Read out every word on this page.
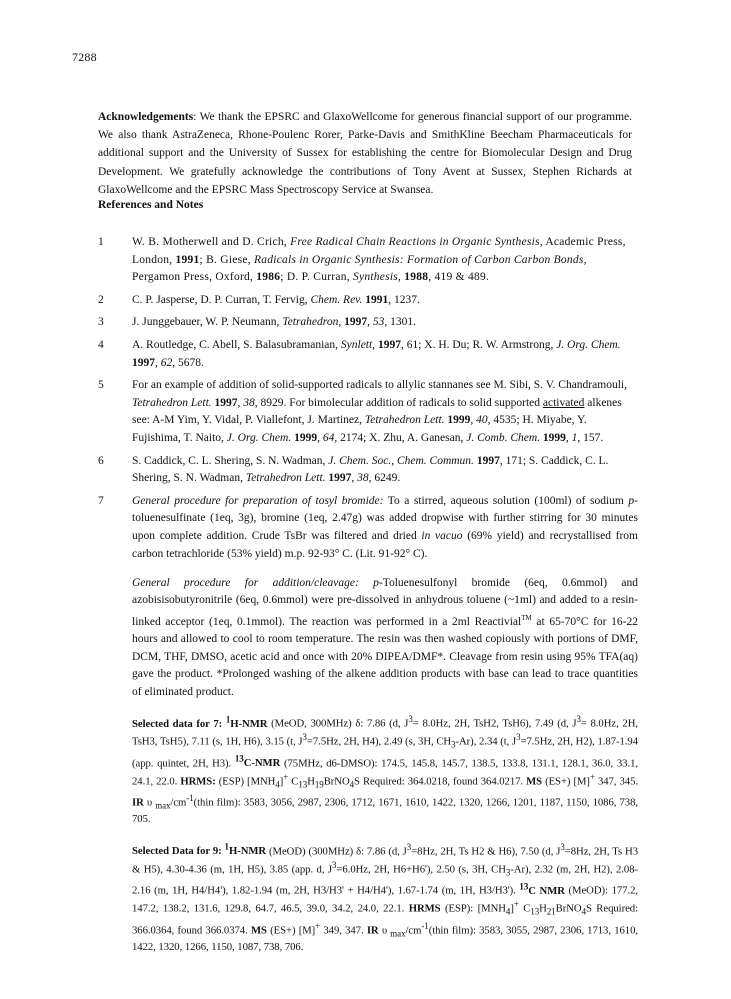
7288
Acknowledgements: We thank the EPSRC and GlaxoWellcome for generous financial support of our programme. We also thank AstraZeneca, Rhone-Poulenc Rorer, Parke-Davis and SmithKline Beecham Pharmaceuticals for additional support and the University of Sussex for establishing the centre for Biomolecular Design and Drug Development. We gratefully acknowledge the contributions of Tony Avent at Sussex, Stephen Richards at GlaxoWellcome and the EPSRC Mass Spectroscopy Service at Swansea.
References and Notes
1	W. B. Motherwell and D. Crich, Free Radical Chain Reactions in Organic Synthesis, Academic Press, London, 1991; B. Giese, Radicals in Organic Synthesis: Formation of Carbon Carbon Bonds, Pergamon Press, Oxford, 1986; D. P. Curran, Synthesis, 1988, 419 & 489.
2	C. P. Jasperse, D. P. Curran, T. Fervig, Chem. Rev. 1991, 1237.
3	J. Junggebauer, W. P. Neumann, Tetrahedron, 1997, 53, 1301.
4	A. Routledge, C. Abell, S. Balasubramanian, Synlett, 1997, 61; X. H. Du; R. W. Armstrong, J. Org. Chem. 1997, 62, 5678.
5	For an example of addition of solid-supported radicals to allylic stannanes see M. Sibi, S. V. Chandramouli, Tetrahedron Lett. 1997, 38, 8929. For bimolecular addition of radicals to solid supported activated alkenes see: A-M Yim, Y. Vidal, P. Viallefont, J. Martinez, Tetrahedron Lett. 1999, 40, 4535; H. Miyabe, Y. Fujishima, T. Naito, J. Org. Chem. 1999, 64, 2174; X. Zhu, A. Ganesan, J. Comb. Chem. 1999, 1, 157.
6	S. Caddick, C. L. Shering, S. N. Wadman, J. Chem. Soc., Chem. Commun. 1997, 171; S. Caddick, C. L. Shering, S. N. Wadman, Tetrahedron Lett. 1997, 38, 6249.
7	General procedure for preparation of tosyl bromide: To a stirred, aqueous solution (100ml) of sodium p-toluenesulfinate (1eq, 3g), bromine (1eq, 2.47g) was added dropwise with further stirring for 30 minutes upon complete addition. Crude TsBr was filtered and dried in vacuo (69% yield) and recrystallised from carbon tetrachloride (53% yield) m.p. 92-93° C. (Lit. 91-92° C).

General procedure for addition/cleavage: p-Toluenesulfonyl bromide (6eq, 0.6mmol) and azobisisobutyronitrile (6eq, 0.6mmol) were pre-dissolved in anhydrous toluene (~1ml) and added to a resin-linked acceptor (1eq, 0.1mmol). The reaction was performed in a 2ml Reactivial™ at 65-70°C for 16-22 hours and allowed to cool to room temperature. The resin was then washed copiously with portions of DMF, DCM, THF, DMSO, acetic acid and once with 20% DIPEA/DMF*. Cleavage from resin using 95% TFA(aq) gave the product. *Prolonged washing of the alkene addition products with base can lead to trace quantities of eliminated product.

Selected data for 7: $^1$H-NMR (MeOD, 300MHz) δ: 7.86 (d, $J^3= 8.0Hz$, 2H, TsH2, TsH6), 7.49 (d, $J^3= 8.0Hz$, 2H, TsH3, TsH5), 7.11 (s, 1H, H6), 3.15 (t, $J^3=7.5Hz$, 2H, H4), 2.49 (s, 3H, $CH_3-Ar$), 2.34 (t, $J^3=7.5Hz$, 2H, H2), 1.87-1.94 (app. quintet, 2H, H3). $^{13}$C-NMR (75MHz, d6-DMSO): 174.5, 145.8, 145.7, 138.5, 133.8, 131.1, 128.1, 36.0, 33.1, 24.1, 22.0. HRMS: (ESP) $[MNH_4]^+$ $C_{13}H_{19}BrNO_4S$ Required: 364.0218, found 364.0217. MS (ES+) [M]+ 347, 345. IR υ $_{max}/cm^{-1}(thin$ film): 3583, 3056, 2987, 2306, 1712, 1671, 1610, 1422, 1320, 1266, 1201, 1187, 1150, 1086, 738, 705.

Selected Data for 9: $^1$H-NMR (MeOD) (300MHz) δ: 7.86 (d, $J^3=8Hz$, 2H, Ts H2 & H6), 7.50 (d, $J^3=8Hz$, 2H, Ts H3 & H5), 4.30-4.36 (m, 1H, H5), 3.85 (app. d, $J^3=6.0Hz$, 2H, H6+H6'), 2.50 (s, 3H, $CH_3-Ar$), 2.32 (m, 2H, H2), 2.08-2.16 (m, 1H, H4/H4'), 1.82-1.94 (m, 2H, H3/H3' + H4/H4'), 1.67-1.74 (m, 1H, H3/H3'). $^{13}$C NMR (MeOD): 177.2, 147.2, 138.2, 131.6, 129.8, 64.7, 46.5, 39.0, 34.2, 24.0, 22.1. HRMS (ESP): $[MNH_4]^+$ $C_{13}H_{21}BrNO_4S$ Required: 366.0364, found 366.0374. MS (ES+) [M]+ 349, 347. IR υ $_{max}/cm^{-1}(thin$ film): 3583, 3055, 2987, 2306, 1713, 1610, 1422, 1320, 1266, 1150, 1087, 738, 706.
